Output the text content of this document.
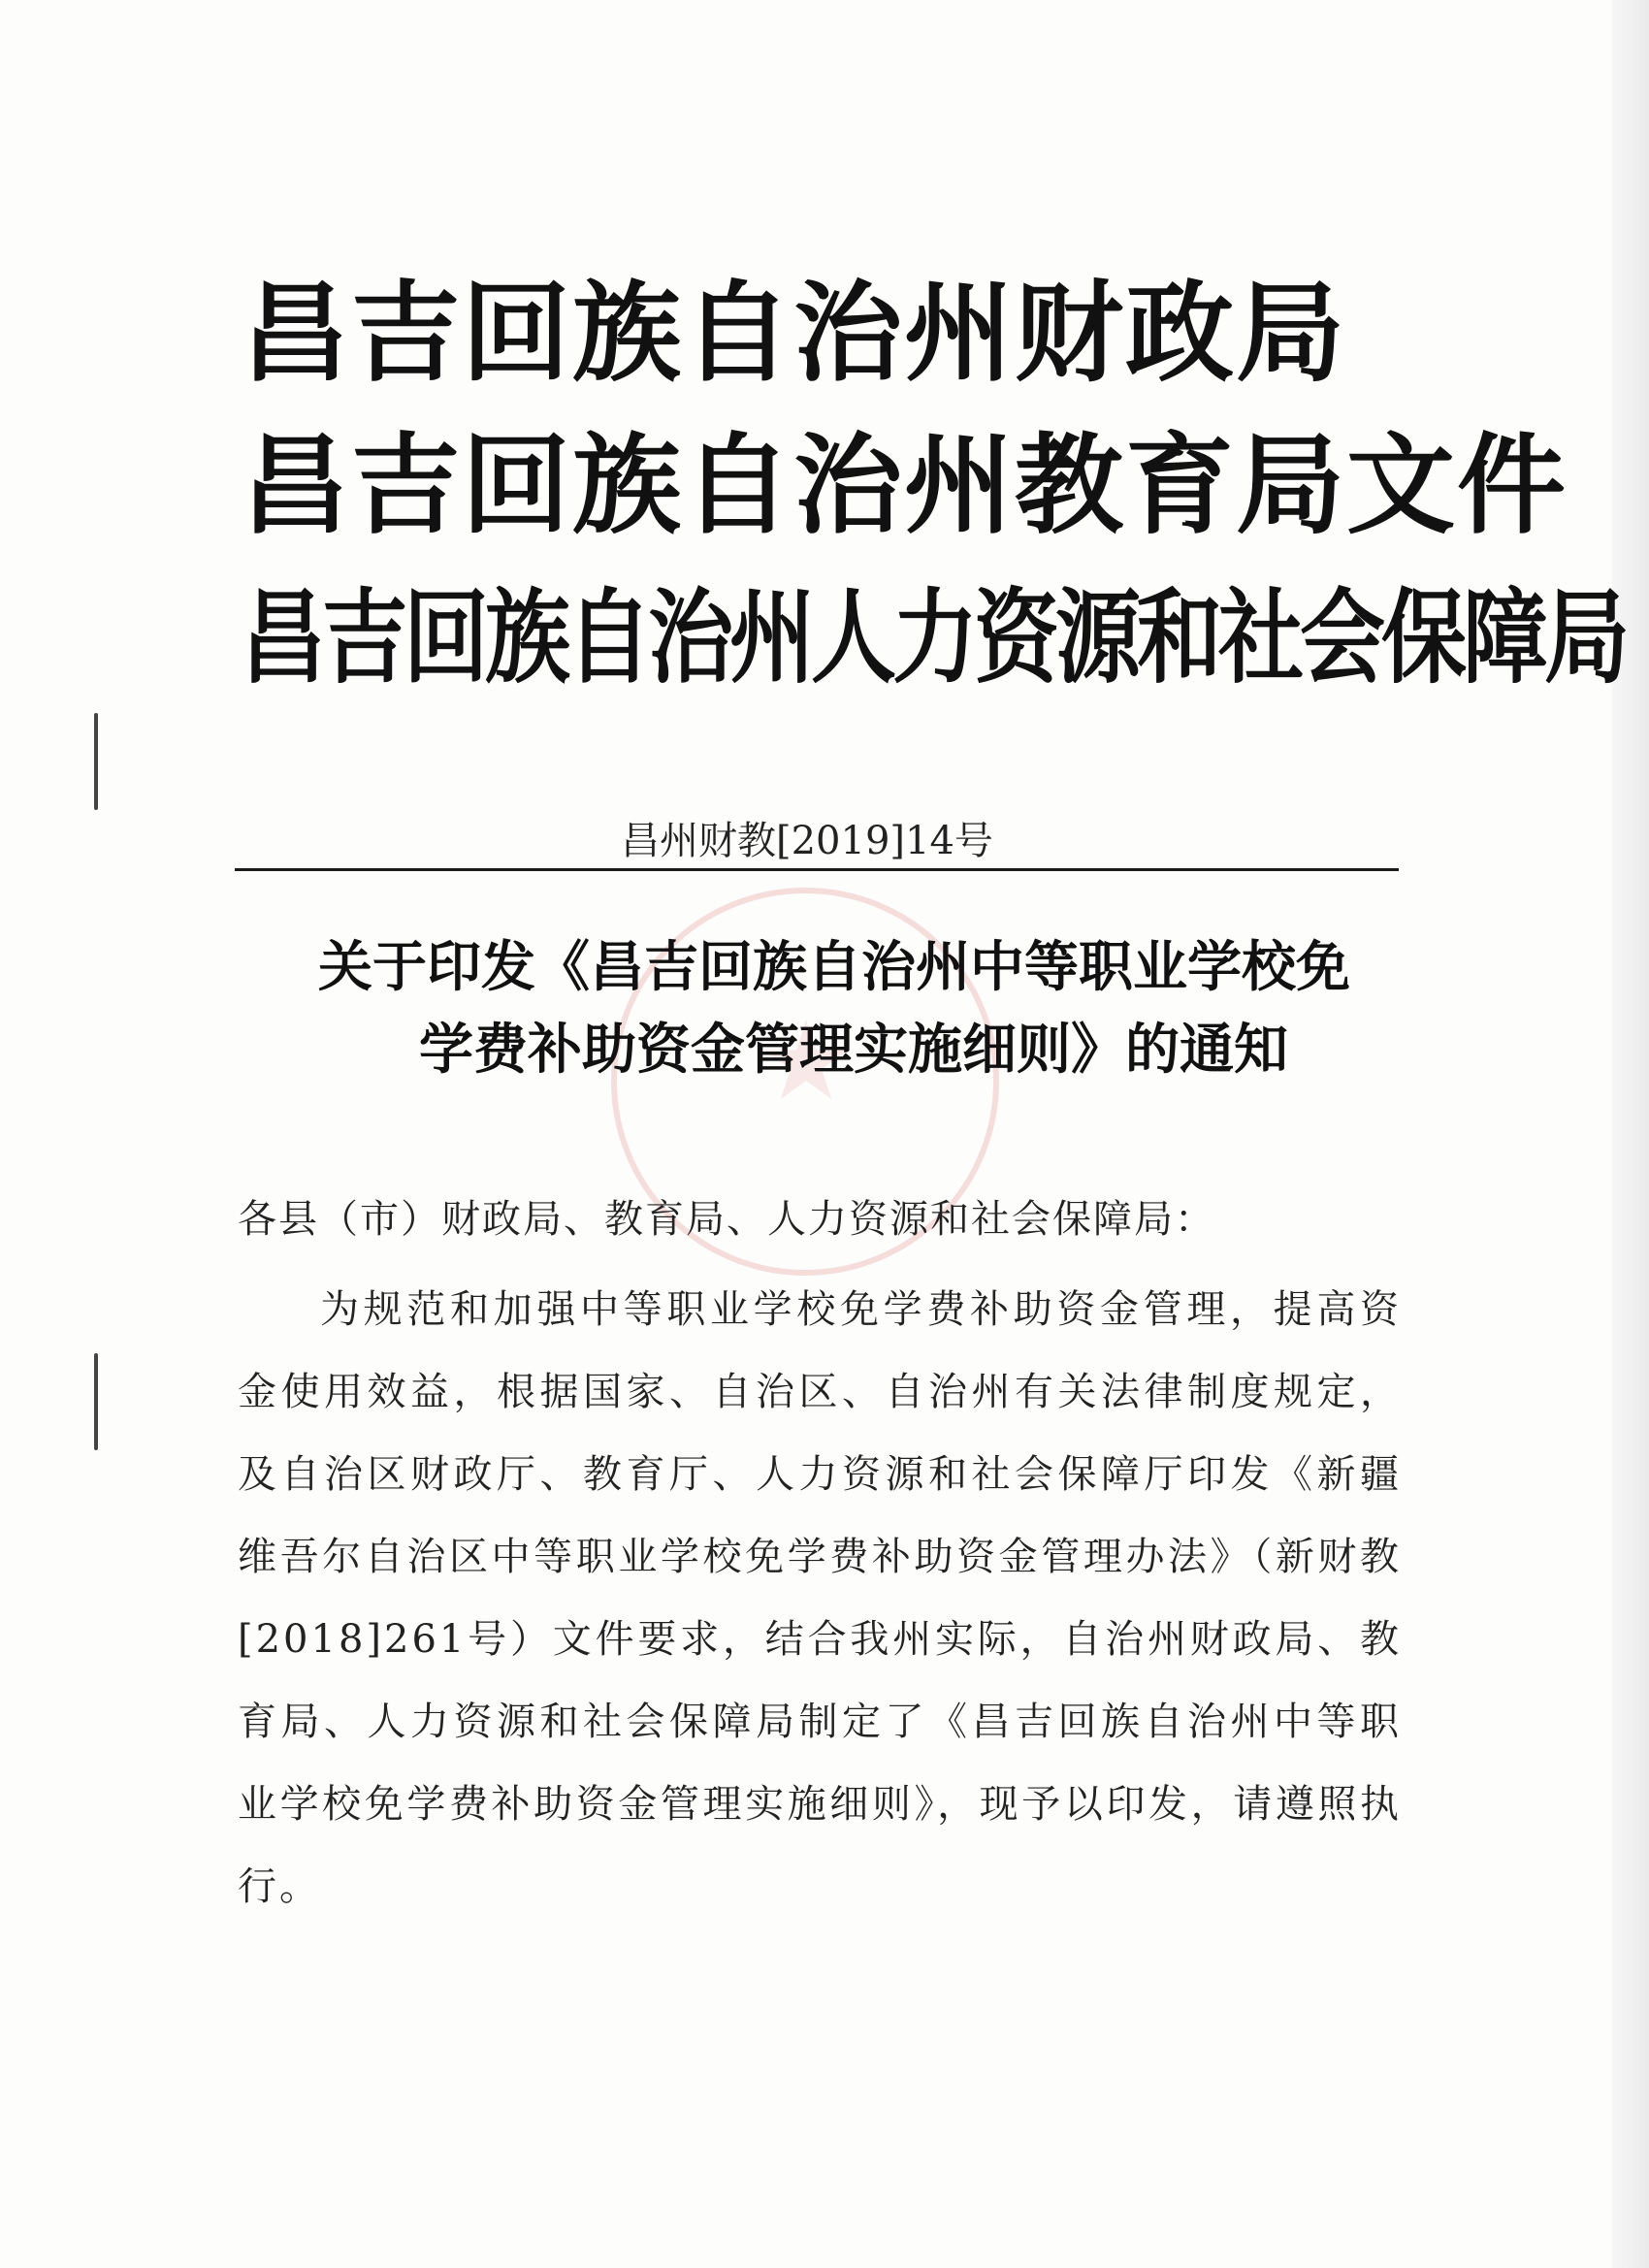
昌吉回族自治州财政局
昌吉回族自治州教育局文件
昌吉回族自治州人力资源和社会保障局
昌州财教[2019]14号
关于印发《昌吉回族自治州中等职业学校免
学费补助资金管理实施细则》的通知
各县（市）财政局、教育局、人力资源和社会保障局：

为规范和加强中等职业学校免学费补助资金管理，提高资金使用效益，根据国家、自治区、自治州有关法律制度规定，及自治区财政厅、教育厅、人力资源和社会保障厅印发《新疆维吾尔自治区中等职业学校免学费补助资金管理办法》（新财教[2018]261号）文件要求，结合我州实际，自治州财政局、教育局、人力资源和社会保障局制定了《昌吉回族自治州中等职业学校免学费补助资金管理实施细则》，现予以印发，请遵照执行。
